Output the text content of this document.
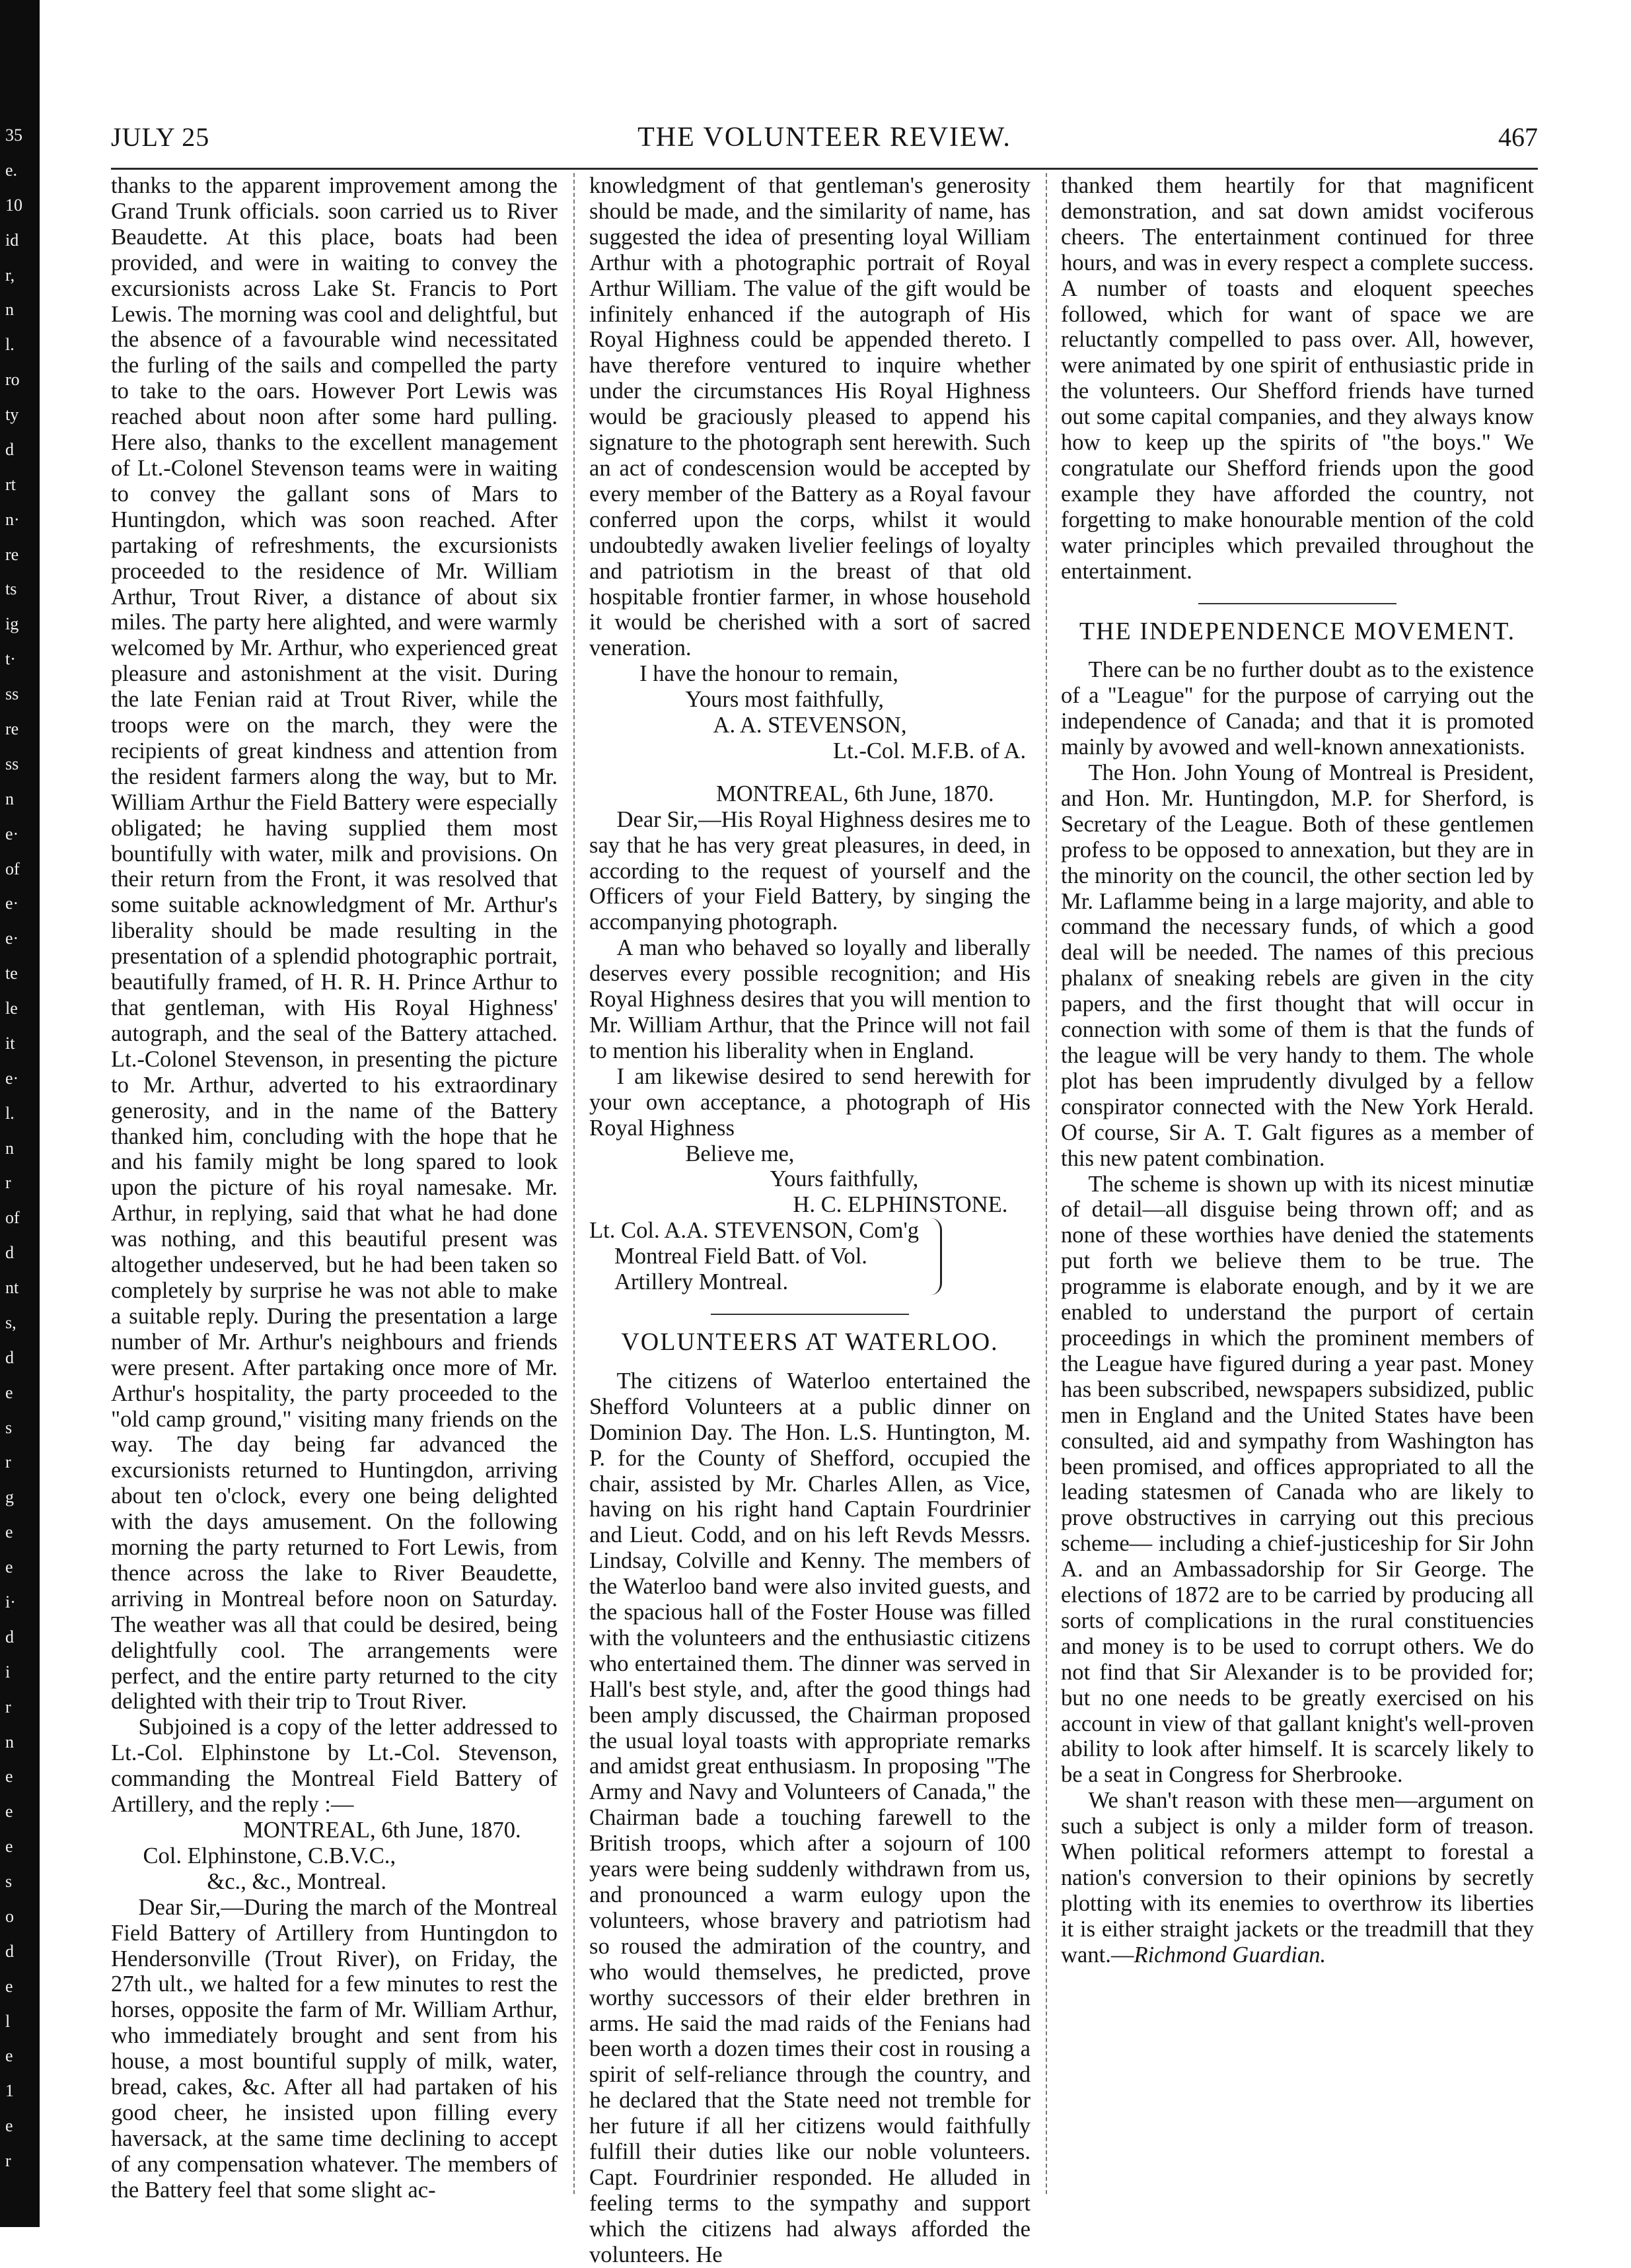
35
e.
10
id
r,
n
l.
ro
ty
d
rt
n·
re
ts
ig
t·
ss
re
ss
n
e·
of
e·
e·
te
le
it
e·
l.
n
r
of
d
nt
s,
d
e
s
r
g
e
e
i·
d
i
r
n
e
e
e
s
o
d
e
l
e
1
e
r
JULY 25	THE VOLUNTEER REVIEW.	467

thanks to the apparent improvement among the Grand Trunk officials. soon carried us to River Beaudette. At this place, boats had been provided, and were in waiting to convey the excursionists across Lake St. Francis to Port Lewis. The morning was cool and delightful, but the absence of a favourable wind necessitated the furling of the sails and compelled the party to take to the oars. However Port Lewis was reached about noon after some hard pulling. Here also, thanks to the excellent management of Lt.-Colonel Stevenson teams were in waiting to convey the gallant sons of Mars to Huntingdon, which was soon reached. After partaking of refreshments, the excursionists proceeded to the residence of Mr. William Arthur, Trout River, a distance of about six miles. The party here alighted, and were warmly welcomed by Mr. Arthur, who experienced great pleasure and astonishment at the visit. During the late Fenian raid at Trout River, while the troops were on the march, they were the recipients of great kindness and attention from the resident farmers along the way, but to Mr. William Arthur the Field Battery were especially obligated; he having supplied them most bountifully with water, milk and provisions. On their return from the Front, it was resolved that some suitable acknowledgment of Mr. Arthur's liberality should be made resulting in the presentation of a splendid photographic portrait, beautifully framed, of H. R. H. Prince Arthur to that gentleman, with His Royal Highness' autograph, and the seal of the Battery attached. Lt.-Colonel Stevenson, in presenting the picture to Mr. Arthur, adverted to his extraordinary generosity, and in the name of the Battery thanked him, concluding with the hope that he and his family might be long spared to look upon the picture of his royal namesake. Mr. Arthur, in replying, said that what he had done was nothing, and this beautiful present was altogether undeserved, but he had been taken so completely by surprise he was not able to make a suitable reply. During the presentation a large number of Mr. Arthur's neighbours and friends were present. After partaking once more of Mr. Arthur's hospitality, the party proceeded to the "old camp ground," visiting many friends on the way. The day being far advanced the excursionists returned to Huntingdon, arriving about ten o'clock, every one being delighted with the days amusement. On the following morning the party returned to Fort Lewis, from thence across the lake to River Beaudette, arriving in Montreal before noon on Saturday. The weather was all that could be desired, being delightfully cool. The arrangements were perfect, and the entire party returned to the city delighted with their trip to Trout River.

Subjoined is a copy of the letter addressed to Lt.-Col. Elphinstone by Lt.-Col. Stevenson, commanding the Montreal Field Battery of Artillery, and the reply :—

MONTREAL, 6th June, 1870.

Col. Elphinstone, C.B.V.C.,

&c., &c., Montreal.

Dear Sir,—During the march of the Montreal Field Battery of Artillery from Huntingdon to Hendersonville (Trout River), on Friday, the 27th ult., we halted for a few minutes to rest the horses, opposite the farm of Mr. William Arthur, who immediately brought and sent from his house, a most bountiful supply of milk, water, bread, cakes, &c. After all had partaken of his good cheer, he insisted upon filling every haversack, at the same time declining to accept of any compensation whatever. The members of the Battery feel that some slight ac-

knowledgment of that gentleman's generosity should be made, and the similarity of name, has suggested the idea of presenting loyal William Arthur with a photographic portrait of Royal Arthur William. The value of the gift would be infinitely enhanced if the autograph of His Royal Highness could be appended thereto. I have therefore ventured to inquire whether under the circumstances His Royal Highness would be graciously pleased to append his signature to the photograph sent herewith. Such an act of condescension would be accepted by every member of the Battery as a Royal favour conferred upon the corps, whilst it would undoubtedly awaken livelier feelings of loyalty and patriotism in the breast of that old hospitable frontier farmer, in whose household it would be cherished with a sort of sacred veneration.

I have the honour to remain,

Yours most faithfully,

A. A. STEVENSON,

Lt.-Col. M.F.B. of A.

MONTREAL, 6th June, 1870.

Dear Sir,—His Royal Highness desires me to say that he has very great pleasures, in deed, in according to the request of yourself and the Officers of your Field Battery, by singing the accompanying photograph.

A man who behaved so loyally and liberally deserves every possible recognition; and His Royal Highness desires that you will mention to Mr. William Arthur, that the Prince will not fail to mention his liberality when in England.

I am likewise desired to send herewith for your own acceptance, a photograph of His Royal Highness

Believe me,

Yours faithfully,

H. C. ELPHINSTONE.

Lt. Col. A.A. STEVENSON, Com'g
Montreal Field Batt. of Vol.
Artillery Montreal.
VOLUNTEERS AT WATERLOO.

The citizens of Waterloo entertained the Shefford Volunteers at a public dinner on Dominion Day. The Hon. L.S. Huntington, M. P. for the County of Shefford, occupied the chair, assisted by Mr. Charles Allen, as Vice, having on his right hand Captain Fourdrinier and Lieut. Codd, and on his left Revds Messrs. Lindsay, Colville and Kenny. The members of the Waterloo band were also invited guests, and the spacious hall of the Foster House was filled with the volunteers and the enthusiastic citizens who entertained them. The dinner was served in Hall's best style, and, after the good things had been amply discussed, the Chairman proposed the usual loyal toasts with appropriate remarks and amidst great enthusiasm. In proposing "The Army and Navy and Volunteers of Canada," the Chairman bade a touching farewell to the British troops, which after a sojourn of 100 years were being suddenly withdrawn from us, and pronounced a warm eulogy upon the volunteers, whose bravery and patriotism had so roused the admiration of the country, and who would themselves, he predicted, prove worthy successors of their elder brethren in arms. He said the mad raids of the Fenians had been worth a dozen times their cost in rousing a spirit of self-reliance through the country, and he declared that the State need not tremble for her future if all her citizens would faithfully fulfill their duties like our noble volunteers. Capt. Fourdrinier responded. He alluded in feeling terms to the sympathy and support which the citizens had always afforded the volunteers. He

thanked them heartily for that magnificent demonstration, and sat down amidst vociferous cheers. The entertainment continued for three hours, and was in every respect a complete success. A number of toasts and eloquent speeches followed, which for want of space we are reluctantly compelled to pass over. All, however, were animated by one spirit of enthusiastic pride in the volunteers. Our Shefford friends have turned out some capital companies, and they always know how to keep up the spirits of "the boys." We congratulate our Shefford friends upon the good example they have afforded the country, not forgetting to make honourable mention of the cold water principles which prevailed throughout the entertainment.

THE INDEPENDENCE MOVEMENT.

There can be no further doubt as to the existence of a "League" for the purpose of carrying out the independence of Canada; and that it is promoted mainly by avowed and well-known annexationists.

The Hon. John Young of Montreal is President, and Hon. Mr. Huntingdon, M.P. for Sherford, is Secretary of the League. Both of these gentlemen profess to be opposed to annexation, but they are in the minority on the council, the other section led by Mr. Laflamme being in a large majority, and able to command the necessary funds, of which a good deal will be needed. The names of this precious phalanx of sneaking rebels are given in the city papers, and the first thought that will occur in connection with some of them is that the funds of the league will be very handy to them. The whole plot has been imprudently divulged by a fellow conspirator connected with the New York Herald. Of course, Sir A. T. Galt figures as a member of this new patent combination.

The scheme is shown up with its nicest minutiæ of detail—all disguise being thrown off; and as none of these worthies have denied the statements put forth we believe them to be true. The programme is elaborate enough, and by it we are enabled to understand the purport of certain proceedings in which the prominent members of the League have figured during a year past. Money has been subscribed, newspapers subsidized, public men in England and the United States have been consulted, aid and sympathy from Washington has been promised, and offices appropriated to all the leading statesmen of Canada who are likely to prove obstructives in carrying out this precious scheme— including a chief-justiceship for Sir John A. and an Ambassadorship for Sir George. The elections of 1872 are to be carried by producing all sorts of complications in the rural constituencies and money is to be used to corrupt others. We do not find that Sir Alexander is to be provided for; but no one needs to be greatly exercised on his account in view of that gallant knight's well-proven ability to look after himself. It is scarcely likely to be a seat in Congress for Sherbrooke.

We shan't reason with these men—argument on such a subject is only a milder form of treason. When political reformers attempt to forestal a nation's conversion to their opinions by secretly plotting with its enemies to overthrow its liberties it is either straight jackets or the treadmill that they want.—Richmond Guardian.
